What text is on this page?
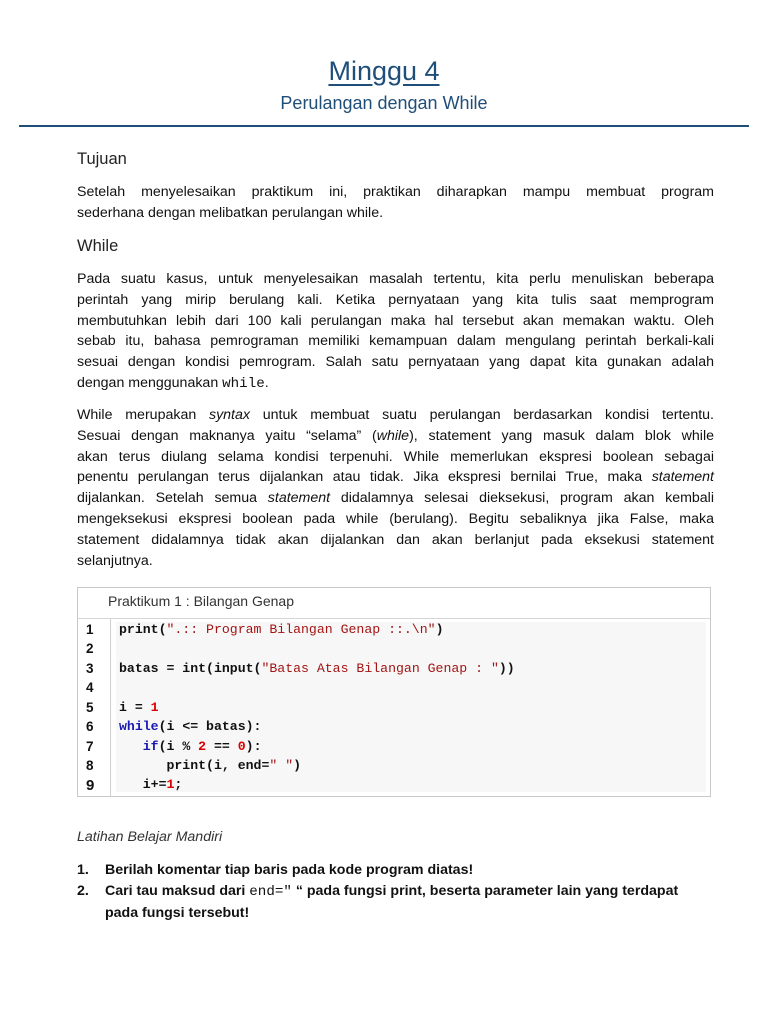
Minggu 4
Perulangan dengan While
Tujuan
Setelah menyelesaikan praktikum ini, praktikan diharapkan mampu membuat program
sederhana dengan melibatkan perulangan while.
While
Pada suatu kasus, untuk menyelesaikan masalah tertentu, kita perlu menuliskan beberapa
perintah yang mirip berulang kali. Ketika pernyataan yang kita tulis saat memprogram
membutuhkan lebih dari 100 kali perulangan maka hal tersebut akan memakan waktu. Oleh
sebab itu, bahasa pemrograman memiliki kemampuan dalam mengulang perintah berkali-kali
sesuai dengan kondisi pemrogram. Salah satu pernyataan yang dapat kita gunakan adalah
dengan menggunakan while.
While merupakan syntax untuk membuat suatu perulangan berdasarkan kondisi tertentu.
Sesuai dengan maknanya yaitu “selama” (while), statement yang masuk dalam blok while
akan terus diulang selama kondisi terpenuhi. While memerlukan ekspresi boolean sebagai
penentu perulangan terus dijalankan atau tidak. Jika ekspresi bernilai True, maka statement
dijalankan. Setelah semua statement didalamnya selesai dieksekusi, program akan kembali
mengeksekusi ekspresi boolean pada while (berulang). Begitu sebaliknya jika False, maka
statement didalamnya tidak akan dijalankan dan akan berlanjut pada eksekusi statement
selanjutnya.
Praktikum 1 : Bilangan Genap
1
2
3
4
5
6
7
8
9
print(".:: Program Bilangan Genap ::.\n")
batas = int(input("Batas Atas Bilangan Genap : "))
i = 1
while(i <= batas):
if(i % 2 == 0):
print(i, end=" ")
i+=1;
Latihan Belajar Mandiri
1. Berilah komentar tiap baris pada kode program diatas!
2. Cari tau maksud dari end=" “ pada fungsi print, beserta parameter lain yang terdapat
pada fungsi tersebut!
